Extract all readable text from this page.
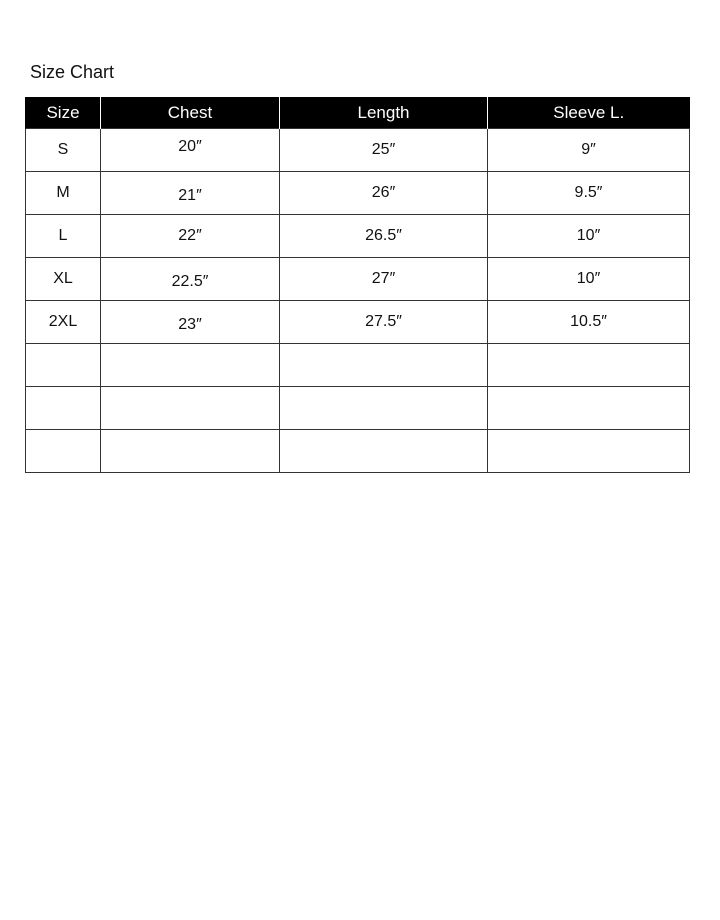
Size Chart
Size	Chest	Length	Sleeve L.
S	20″	25″	9″
M	21″	26″	9.5″
L	22″	26.5″	10″
XL	22.5″	27″	10″
2XL	23″	27.5″	10.5″
